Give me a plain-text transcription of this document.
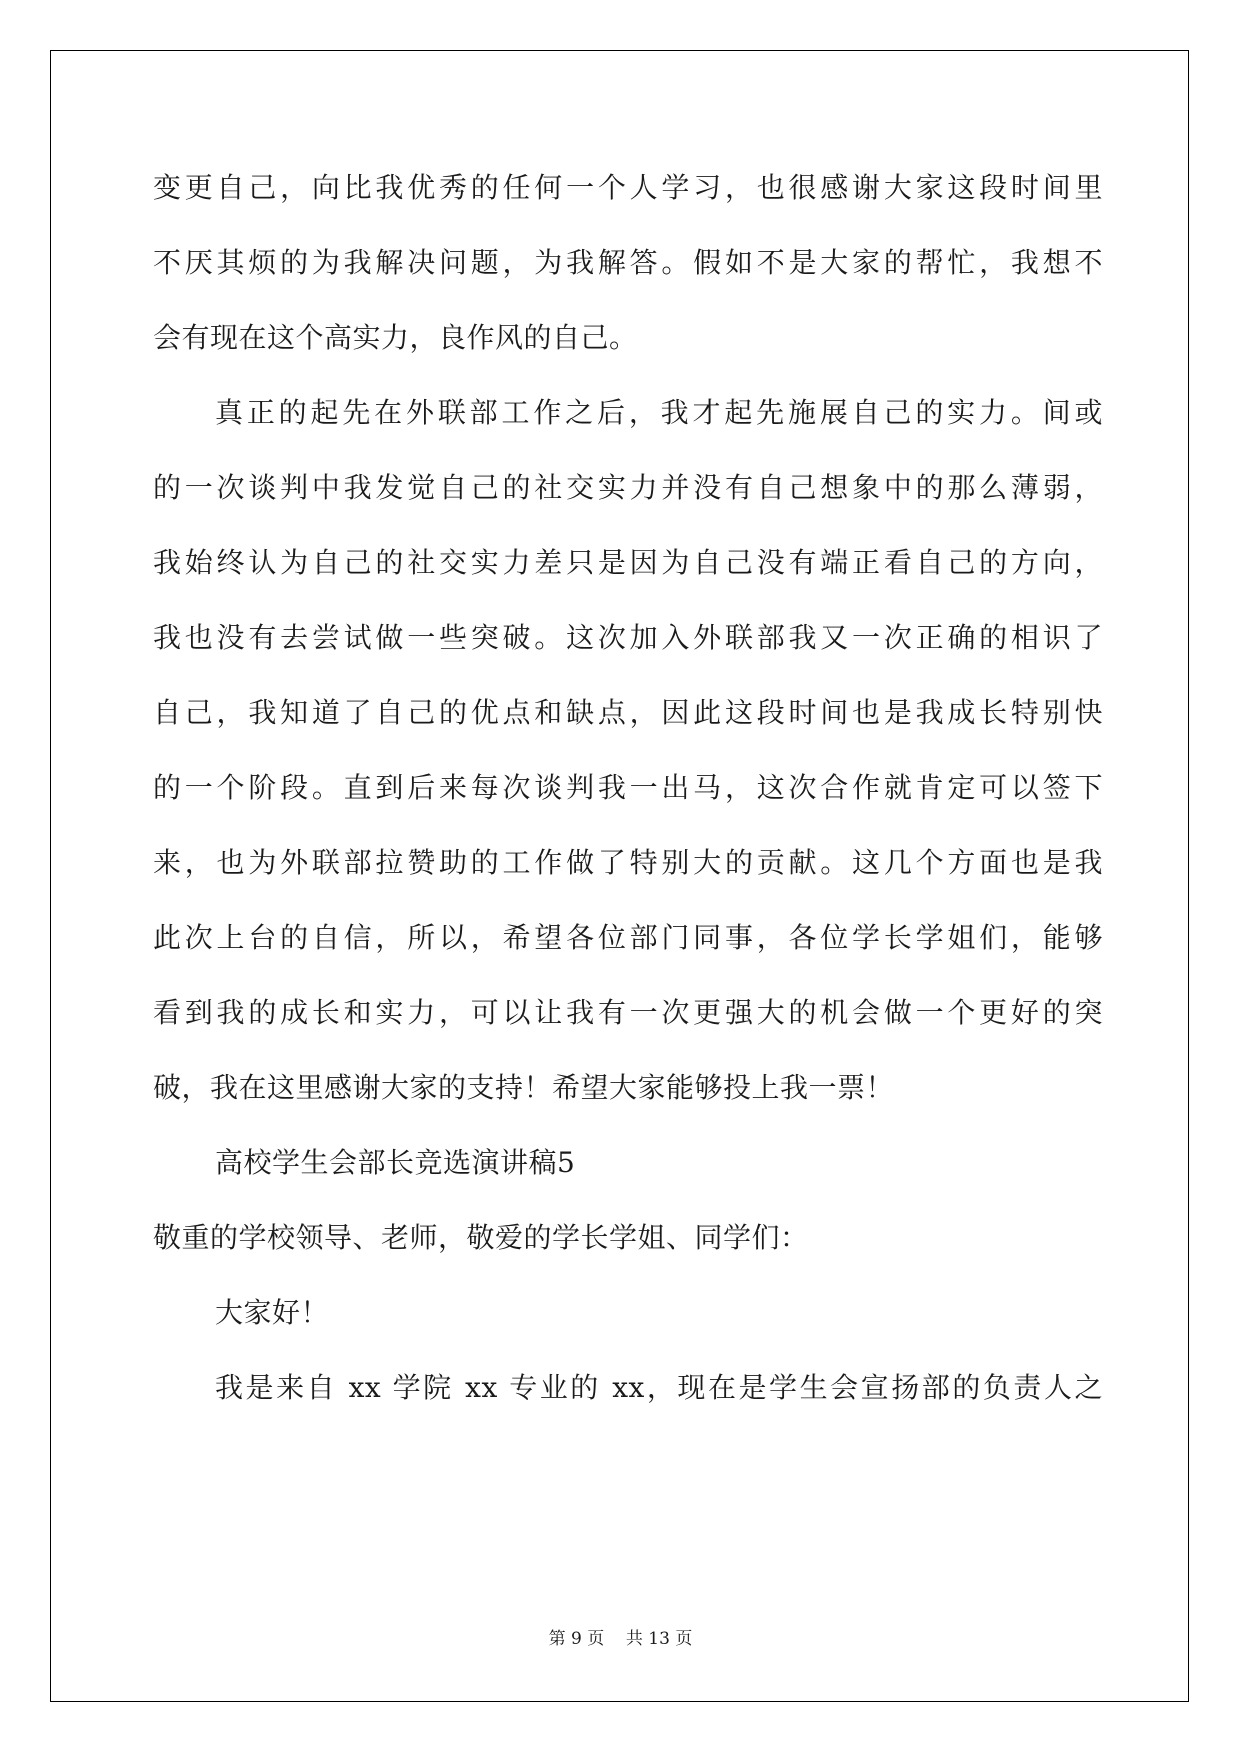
变更自己，向比我优秀的任何一个人学习，也很感谢大家这段时间里
不厌其烦的为我解决问题，为我解答。假如不是大家的帮忙，我想不
会有现在这个高实力，良作风的自己。
真正的起先在外联部工作之后，我才起先施展自己的实力。间或
的一次谈判中我发觉自己的社交实力并没有自己想象中的那么薄弱，
我始终认为自己的社交实力差只是因为自己没有端正看自己的方向，
我也没有去尝试做一些突破。这次加入外联部我又一次正确的相识了
自己，我知道了自己的优点和缺点，因此这段时间也是我成长特别快
的一个阶段。直到后来每次谈判我一出马，这次合作就肯定可以签下
来，也为外联部拉赞助的工作做了特别大的贡献。这几个方面也是我
此次上台的自信，所以，希望各位部门同事，各位学长学姐们，能够
看到我的成长和实力，可以让我有一次更强大的机会做一个更好的突
破，我在这里感谢大家的支持！希望大家能够投上我一票！
高校学生会部长竞选演讲稿5
敬重的学校领导、老师，敬爱的学长学姐、同学们：
大家好！
我是来自 xx 学院 xx 专业的 xx，现在是学生会宣扬部的负责人之
第 9 页    共 13 页
